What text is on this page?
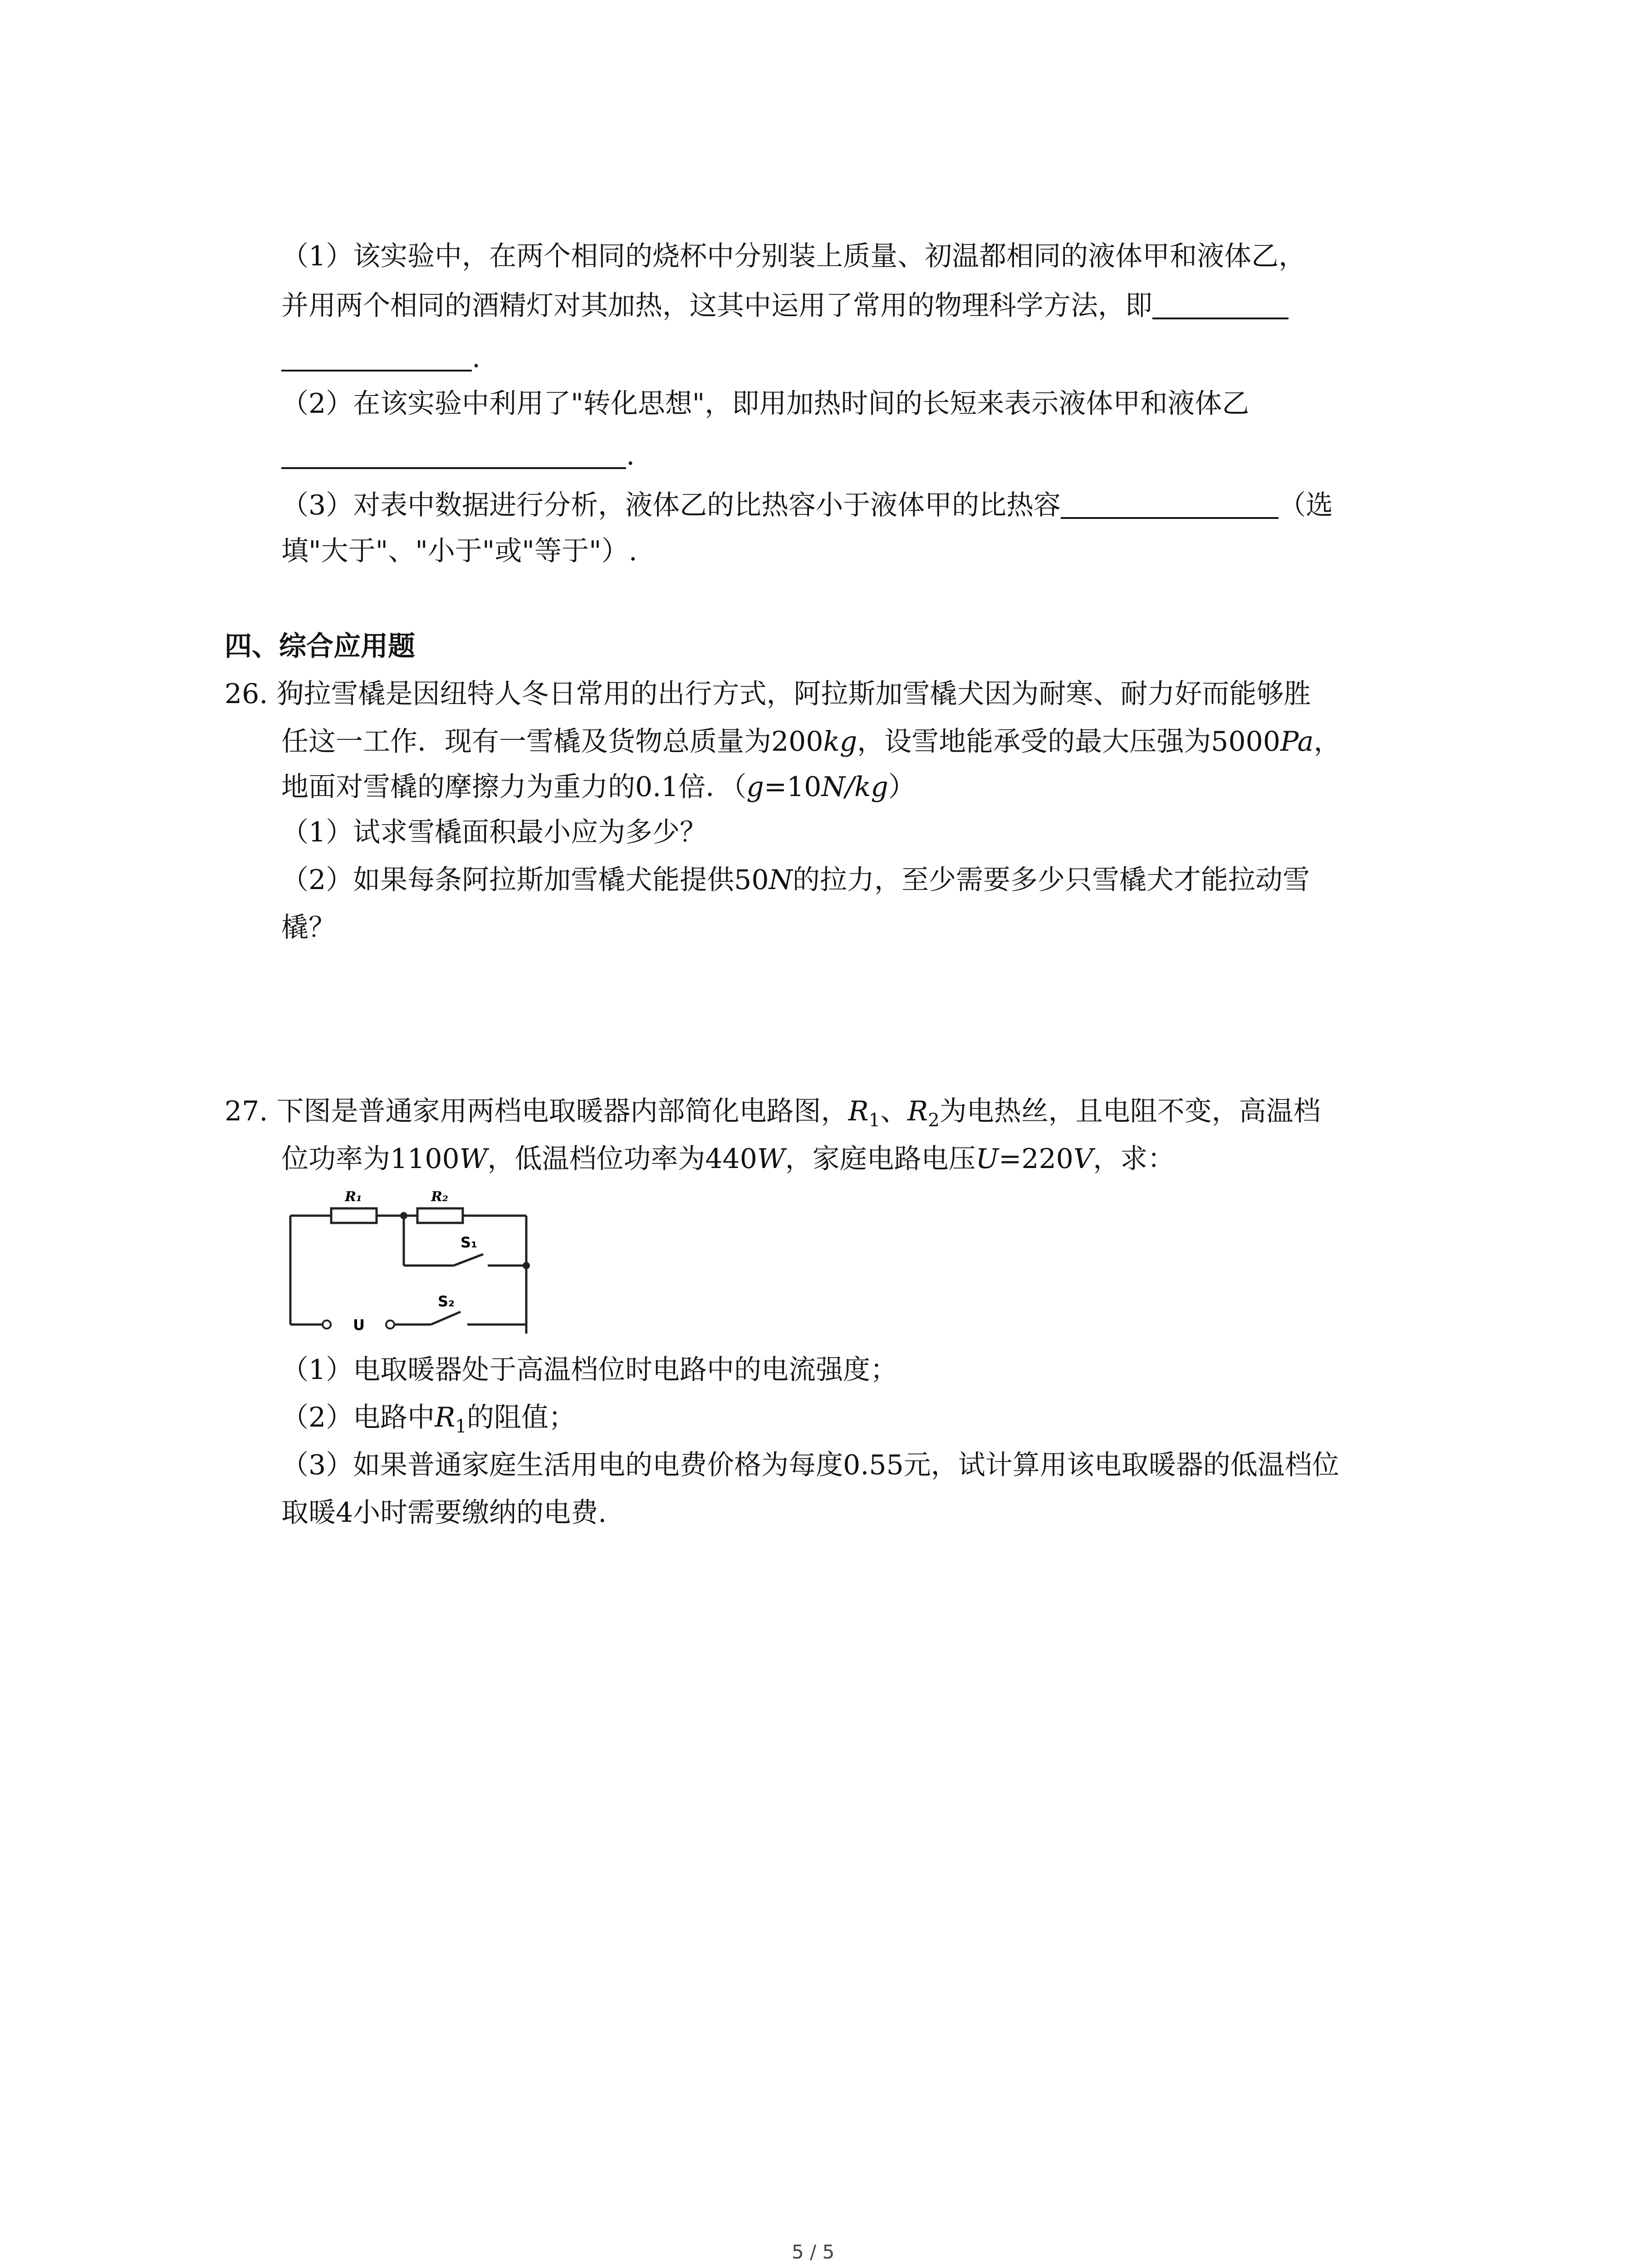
（1）该实验中，在两个相同的烧杯中分别装上质量、初温都相同的液体甲和液体乙，
并用两个相同的酒精灯对其加热，这其中运用了常用的物理科学方法，即
.
（2）在该实验中利用了"转化思想"，即用加热时间的长短来表示液体甲和液体乙
.
（3）对表中数据进行分析，液体乙的比热容小于液体甲的比热容	（选
填"大于"、"小于"或"等于"）.
四、综合应用题
26. 狗拉雪橇是因纽特人冬日常用的出行方式，阿拉斯加雪橇犬因为耐寒、耐力好而能够胜
任这一工作．现有一雪橇及货物总质量为200kg，设雪地能承受的最大压强为5000Pa，
地面对雪橇的摩擦力为重力的0.1倍．（g=10N/kg）
（1）试求雪橇面积最小应为多少？
（2）如果每条阿拉斯加雪橇犬能提供50N的拉力，至少需要多少只雪橇犬才能拉动雪
橇？
27. 下图是普通家用两档电取暖器内部简化电路图，$R_1$、$R_2$为电热丝，且电阻不变，高温档
位功率为1100W，低温档位功率为440W，家庭电路电压U=220V，求：
R₁	R₂
S₁
S₂
U
（1）电取暖器处于高温档位时电路中的电流强度；
（2）电路中$R_1$的阻值；
（3）如果普通家庭生活用电的电费价格为每度0.55元，试计算用该电取暖器的低温档位
取暖4小时需要缴纳的电费.
5 / 5
